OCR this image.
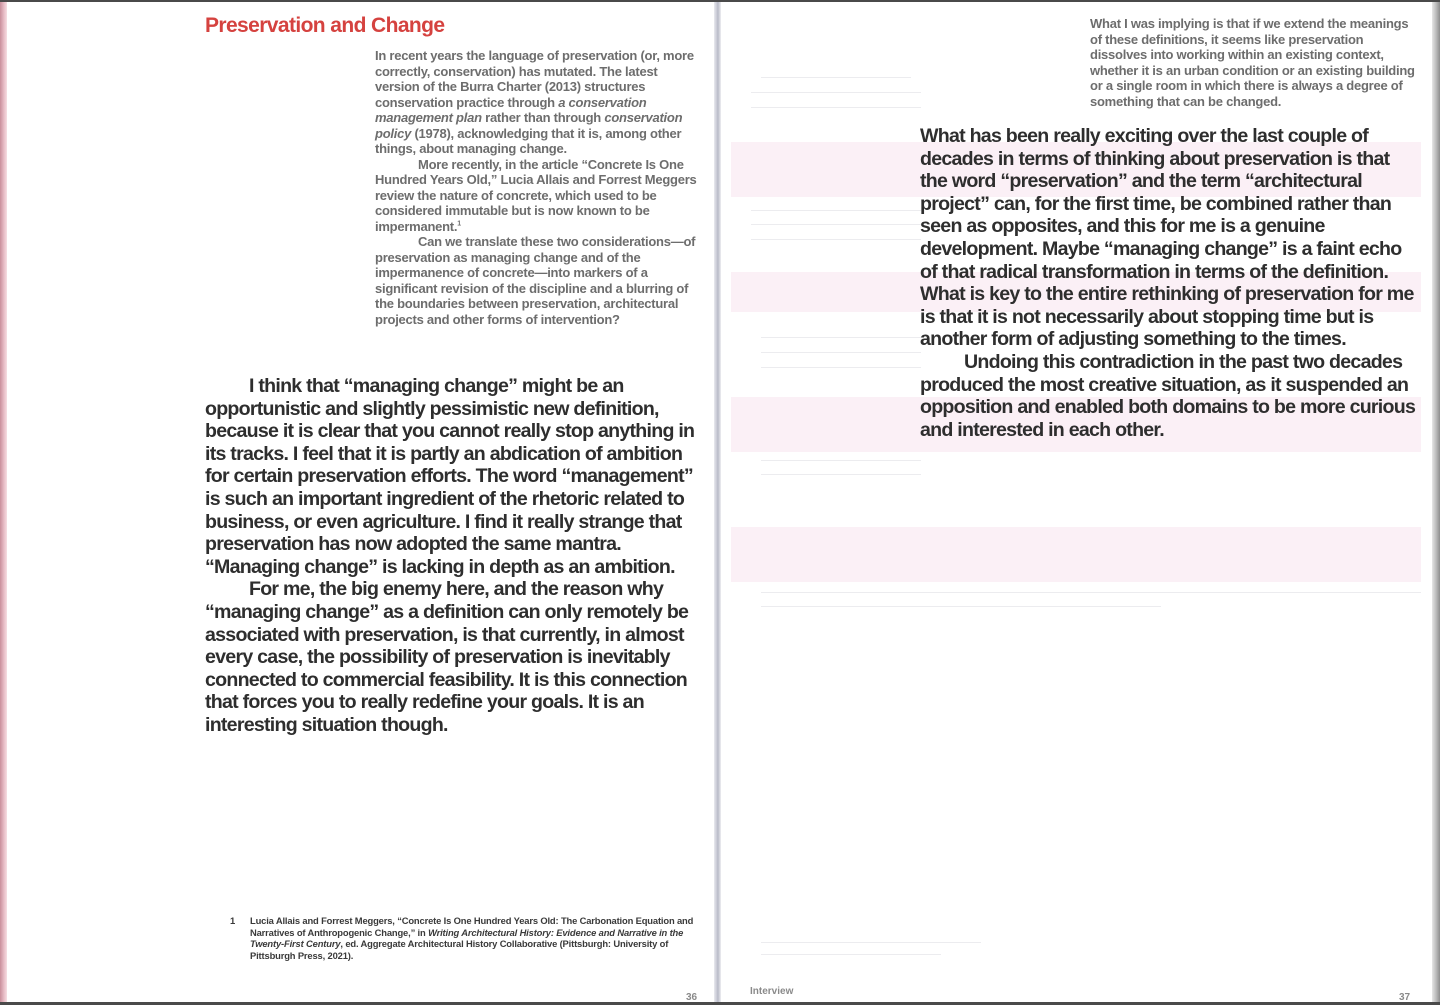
Preservation and Change

In recent years the language of preservation (or, more correctly, conservation) has mutated. The latest version of the Burra Charter (2013) structures conservation practice through a conservation management plan rather than through conservation policy (1978), acknowledging that it is, among other things, about managing change.

More recently, in the article “Concrete Is One Hundred Years Old,” Lucia Allais and Forrest Meggers review the nature of concrete, which used to be considered immutable but is now known to be impermanent.$^1$

Can we translate these two considerations—of preservation as managing change and of the impermanence of concrete—into markers of a significant revision of the discipline and a blurring of the boundaries between preservation, architectural projects and other forms of intervention?

I think that “managing change” might be an opportunistic and slightly pessimistic new definition, because it is clear that you cannot really stop anything in its tracks. I feel that it is partly an abdication of ambition for certain preservation efforts. The word “management” is such an important ingredient of the rhetoric related to business, or even agriculture. I find it really strange that preservation has now adopted the same mantra. “Managing change” is lacking in depth as an ambition.

For me, the big enemy here, and the reason why “managing change” as a definition can only remotely be associated with preservation, is that currently, in almost every case, the possibility of preservation is inevitably connected to commercial feasibility. It is this connection that forces you to really redefine your goals. It is an interesting situation though.

1 Lucia Allais and Forrest Meggers, “Concrete Is One Hundred Years Old: The Carbonation Equation and Narratives of Anthropogenic Change,” in Writing Architectural History: Evidence and Narrative in the Twenty-First Century, ed. Aggregate Architectural History Collaborative (Pittsburgh: University of Pittsburgh Press, 2021).
36

What I was implying is that if we extend the meanings of these definitions, it seems like preservation dissolves into working within an existing context, whether it is an urban condition or an existing building or a single room in which there is always a degree of something that can be changed.

What has been really exciting over the last couple of decades in terms of thinking about preservation is that the word “preservation” and the term “architectural project” can, for the first time, be combined rather than seen as opposites, and this for me is a genuine development. Maybe “managing change” is a faint echo of that radical transformation in terms of the definition. What is key to the entire rethinking of preservation for me is that it is not necessarily about stopping time but is another form of adjusting something to the times.

Undoing this contradiction in the past two decades produced the most creative situation, as it suspended an opposition and enabled both domains to be more curious and interested in each other.

Interview
37
